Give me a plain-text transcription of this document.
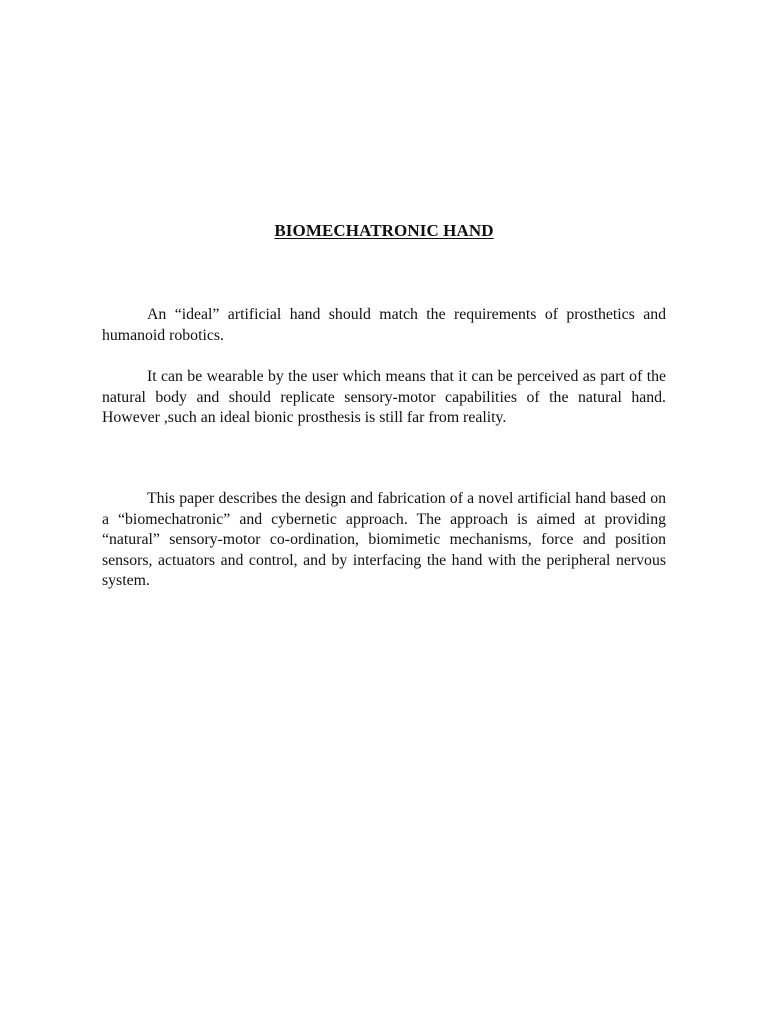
BIOMECHATRONIC HAND

An “ideal” artificial hand should match the requirements of prosthetics and humanoid robotics.

It can be wearable by the user which means that it can be perceived as part of the natural body and should replicate sensory-motor capabilities of the natural hand. However ,such an ideal bionic prosthesis is still far from reality.

This paper describes the design and fabrication of a novel artificial hand based on a “biomechatronic” and cybernetic approach. The approach is aimed at providing “natural” sensory-motor co-ordination, biomimetic mechanisms, force and position sensors, actuators and control, and by interfacing the hand with the peripheral nervous system.
